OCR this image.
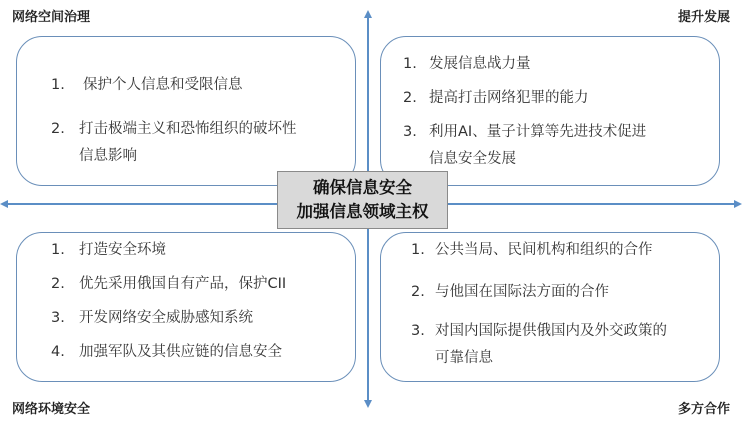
网络空间治理	提升发展
网络环境安全	多方合作
1. 保护个人信息和受限信息
2. 打击极端主义和恐怖组织的破坏性
信息影响
1. 发展信息战力量
2. 提高打击网络犯罪的能力
3. 利用AI、量子计算等先进技术促进
信息安全发展
1. 打造安全环境
2. 优先采用俄国自有产品，保护CII
3. 开发网络安全威胁感知系统
4. 加强军队及其供应链的信息安全
1. 公共当局、民间机构和组织的合作
2. 与他国在国际法方面的合作
3. 对国内国际提供俄国内及外交政策的
可靠信息
确保信息安全
加强信息领域主权
